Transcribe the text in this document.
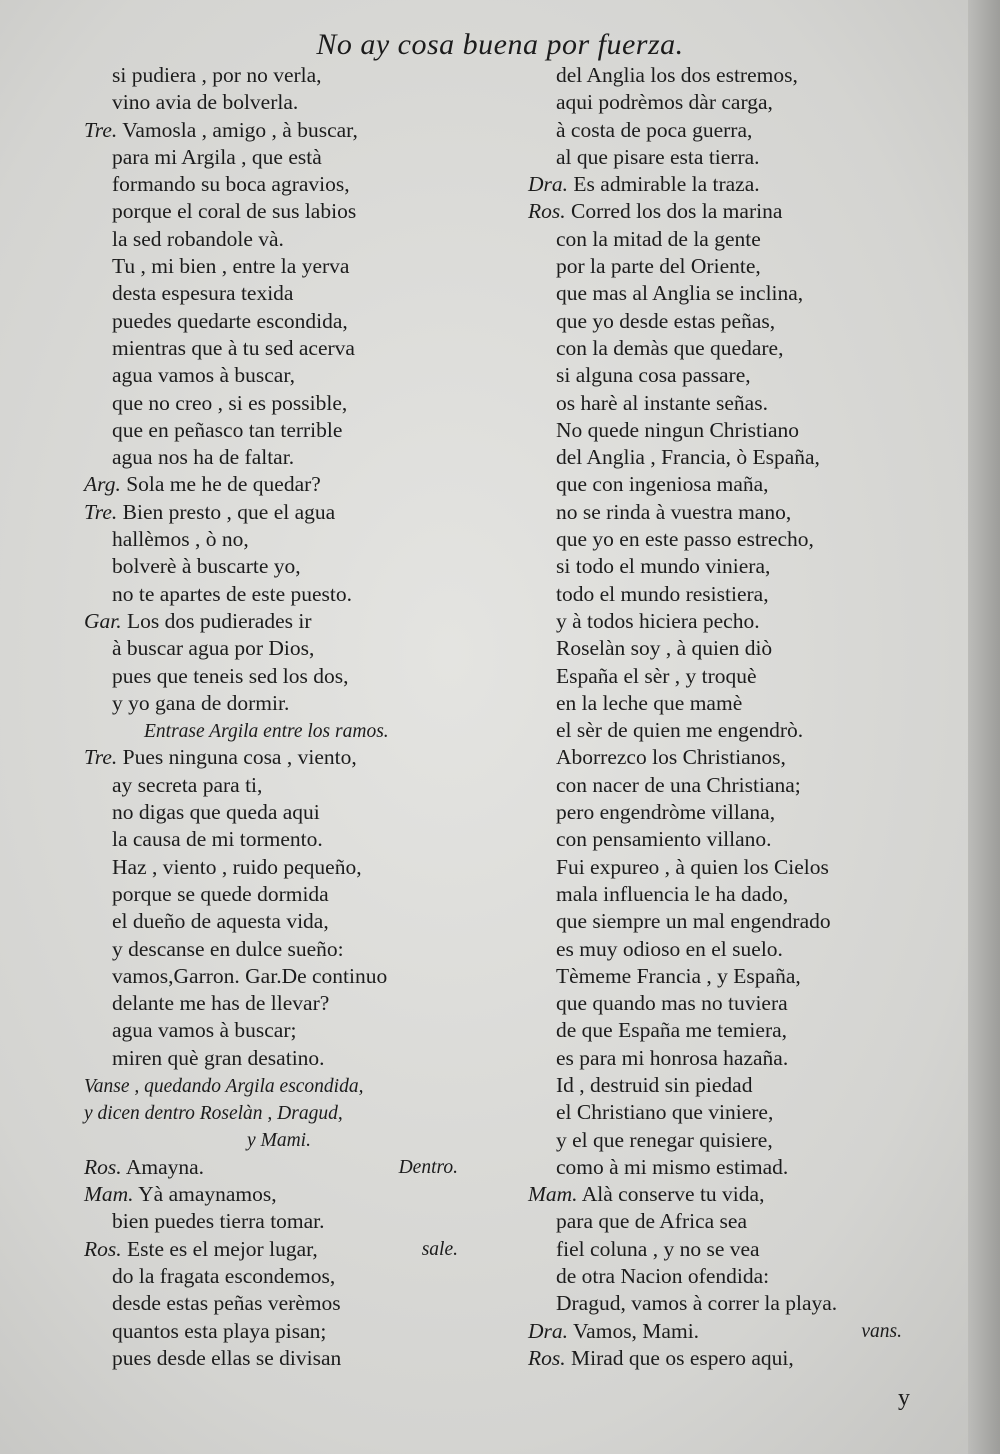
No ay cosa buena por fuerza.
si pudiera , por no verla,
vino avia de bolverla.
Tre. Vamosla , amigo , à buscar,
para mi Argila , que està
formando su boca agravios,
porque el coral de sus labios
la sed robandole và.
Tu , mi bien , entre la yerva
desta espesura texida
puedes quedarte escondida,
mientras que à tu sed acerva
agua vamos à buscar,
que no creo , si es possible,
que en peñasco tan terrible
agua nos ha de faltar.
Arg. Sola me he de quedar?
Tre. Bien presto , que el agua
hallèmos , ò no,
bolverè à buscarte yo,
no te apartes de este puesto.
Gar. Los dos pudierades ir
à buscar agua por Dios,
pues que teneis sed los dos,
y yo gana de dormir.
Entrase Argila entre los ramos.
Tre. Pues ninguna cosa , viento,
ay secreta para ti,
no digas que queda aqui
la causa de mi tormento.
Haz , viento , ruido pequeño,
porque se quede dormida
el dueño de aquesta vida,
y descanse en dulce sueño:
vamos,Garron. Gar.De continuo
delante me has de llevar?
agua vamos à buscar;
miren què gran desatino.
Vanse , quedando Argila escondida,
y dicen dentro Roselàn , Dragud,
y Mami.
Ros. Amayna.	Dentro.
Mam. Yà amaynamos,
bien puedes tierra tomar.
Ros. Este es el mejor lugar,	sale.
do la fragata escondemos,
desde estas peñas verèmos
quantos esta playa pisan;
pues desde ellas se divisan
del Anglia los dos estremos,
aqui podrèmos dàr carga,
à costa de poca guerra,
al que pisare esta tierra.
Dra. Es admirable la traza.
Ros. Corred los dos la marina
con la mitad de la gente
por la parte del Oriente,
que mas al Anglia se inclina,
que yo desde estas peñas,
con la demàs que quedare,
si alguna cosa passare,
os harè al instante señas.
No quede ningun Christiano
del Anglia , Francia, ò España,
que con ingeniosa maña,
no se rinda à vuestra mano,
que yo en este passo estrecho,
si todo el mundo viniera,
todo el mundo resistiera,
y à todos hiciera pecho.
Roselàn soy , à quien diò
España el sèr , y troquè
en la leche que mamè
el sèr de quien me engendrò.
Aborrezco los Christianos,
con nacer de una Christiana;
pero engendròme villana,
con pensamiento villano.
Fui expureo , à quien los Cielos
mala influencia le ha dado,
que siempre un mal engendrado
es muy odioso en el suelo.
Tèmeme Francia , y España,
que quando mas no tuviera
de que España me temiera,
es para mi honrosa hazaña.
Id , destruid sin piedad
el Christiano que viniere,
y el que renegar quisiere,
como à mi mismo estimad.
Mam. Alà conserve tu vida,
para que de Africa sea
fiel coluna , y no se vea
de otra Nacion ofendida:
Dragud, vamos à correr la playa.
Dra. Vamos, Mami.	vans.
Ros. Mirad que os espero aqui,
y
